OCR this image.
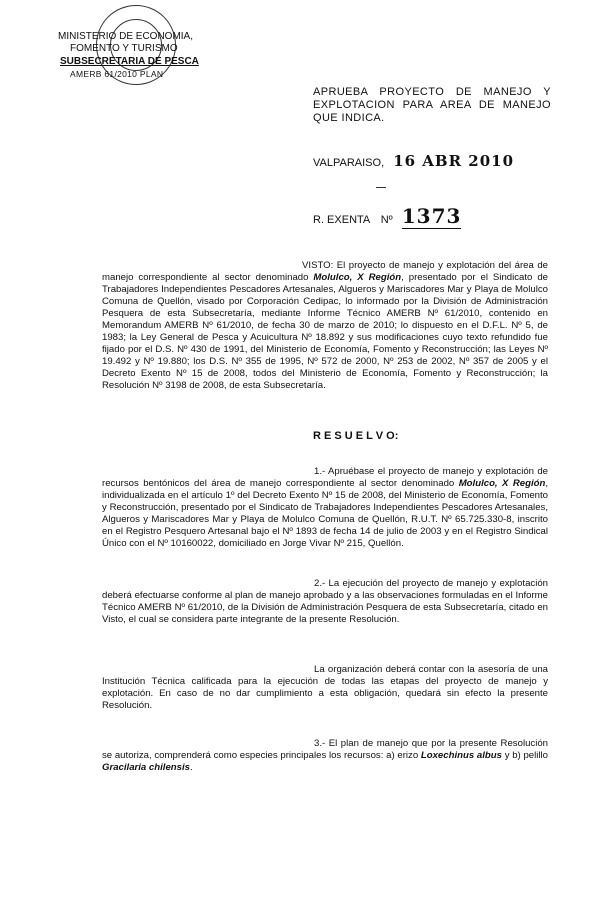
MINISTERIO DE ECONOMIA,
FOMENTO Y TURISMO
SUBSECRETARIA DE PESCA
AMERB 61/2010 PLAN
APRUEBA PROYECTO DE MANEJO Y EXPLOTACION PARA AREA DE MANEJO QUE INDICA.
VALPARAISO, 16 ABR 2010
R. EXENTA Nº 1373
VISTO: El proyecto de manejo y explotación del área de manejo correspondiente al sector denominado Molulco, X Región, presentado por el Sindicato de Trabajadores Independientes Pescadores Artesanales, Algueros y Mariscadores Mar y Playa de Molulco Comuna de Quellón, visado por Corporación Cedipac, lo informado por la División de Administración Pesquera de esta Subsecretaría, mediante Informe Técnico AMERB Nº 61/2010, contenido en Memorandum AMERB Nº 61/2010, de fecha 30 de marzo de 2010; lo dispuesto en el D.F.L. Nº 5, de 1983; la Ley General de Pesca y Acuicultura Nº 18.892 y sus modificaciones cuyo texto refundido fue fijado por el D.S. Nº 430 de 1991, del Ministerio de Economía, Fomento y Reconstrucción; las Leyes Nº 19.492 y Nº 19.880; los D.S. Nº 355 de 1995, Nº 572 de 2000, Nº 253 de 2002, Nº 357 de 2005 y el Decreto Exento Nº 15 de 2008, todos del Ministerio de Economía, Fomento y Reconstrucción; la Resolución Nº 3198 de 2008, de esta Subsecretaría.
R E S U E L V O:
1.- Apruébase el proyecto de manejo y explotación de recursos bentónicos del área de manejo correspondiente al sector denominado Molulco, X Región, individualizada en el artículo 1º del Decreto Exento Nº 15 de 2008, del Ministerio de Economía, Fomento y Reconstrucción, presentado por el Sindicato de Trabajadores Independientes Pescadores Artesanales, Algueros y Mariscadores Mar y Playa de Molulco Comuna de Quellón, R.U.T. Nº 65.725.330-8, inscrito en el Registro Pesquero Artesanal bajo el Nº 1893 de fecha 14 de julio de 2003 y en el Registro Sindical Único con el Nº 10160022, domiciliado en Jorge Vivar Nº 215, Quellón.
2.- La ejecución del proyecto de manejo y explotación deberá efectuarse conforme al plan de manejo aprobado y a las observaciones formuladas en el Informe Técnico AMERB Nº 61/2010, de la División de Administración Pesquera de esta Subsecretaría, citado en Visto, el cual se considera parte integrante de la presente Resolución.
La organización deberá contar con la asesoría de una Institución Técnica calificada para la ejecución de todas las etapas del proyecto de manejo y explotación. En caso de no dar cumplimiento a esta obligación, quedará sin efecto la presente Resolución.
3.- El plan de manejo que por la presente Resolución se autoriza, comprenderá como especies principales los recursos: a) erizo Loxechinus albus y b) pelillo Gracilaria chilensis.
